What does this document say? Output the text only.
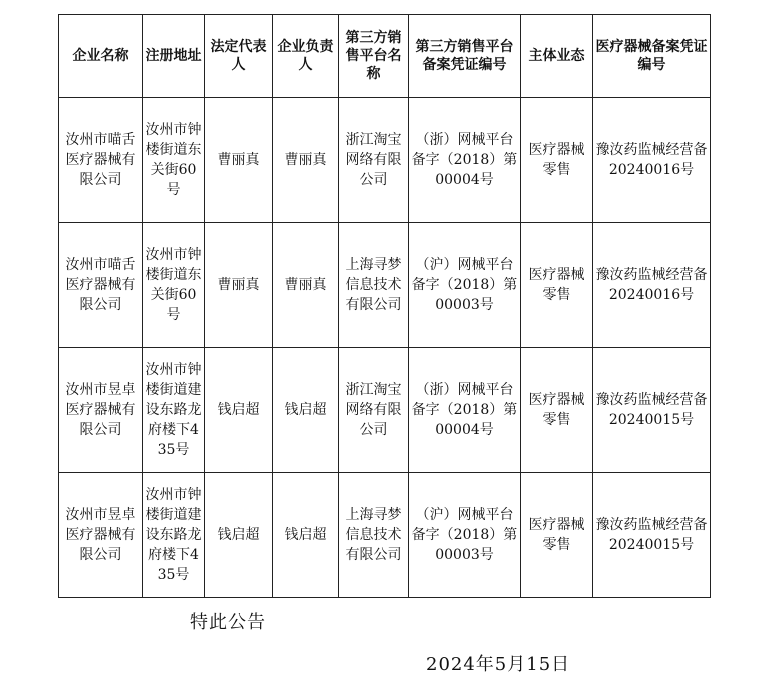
企业名称	注册地址	法定代表人	企业负责人	第三方销售平台名称	第三方销售平台备案凭证编号	主体业态	医疗器械备案凭证编号
汝州市喵舌医疗器械有限公司	汝州市钟楼街道东关街60号	曹丽真	曹丽真	浙江淘宝网络有限公司	（浙）网械平台备字（2018）第00004号	医疗器械零售	豫汝药监械经营备20240016号
汝州市喵舌医疗器械有限公司	汝州市钟楼街道东关街60号	曹丽真	曹丽真	上海寻梦信息技术有限公司	（沪）网械平台备字（2018）第00003号	医疗器械零售	豫汝药监械经营备20240016号
汝州市昱卓医疗器械有限公司	汝州市钟楼街道建设东路龙府楼下435号	钱启超	钱启超	浙江淘宝网络有限公司	（浙）网械平台备字（2018）第00004号	医疗器械零售	豫汝药监械经营备20240015号
汝州市昱卓医疗器械有限公司	汝州市钟楼街道建设东路龙府楼下435号	钱启超	钱启超	上海寻梦信息技术有限公司	（沪）网械平台备字（2018）第00003号	医疗器械零售	豫汝药监械经营备20240015号
特此公告
2024年5月15日
